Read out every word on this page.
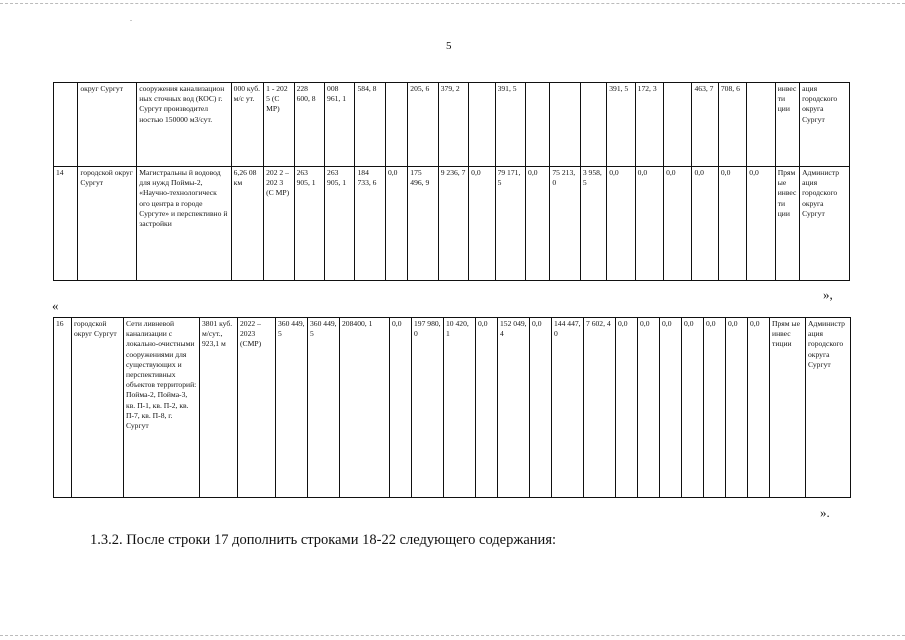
.
5
	округ Сургут	сооружения канализацион ных сточных вод (КОС) г. Сургут производител ностью 150000 м3/сут.	000 куб. м/с ут.	1 - 202 5 (С МР)	228 600, 8	008 961, 1	584, 8		205, 6	379, 2		391, 5				391, 5	172, 3		463, 7	708, 6		инвести ции	ация городского округа Сургут
14	городской округ Сургут	Магистральны й водовод для нужд Поймы-2, «Научно-технологическ ого центра в городе Сургуте» и перспективно й застройки	6,26 08 км	202 2 – 202 3 (С МР)	263 905, 1	263 905, 1	184 733, 6	0,0	175 496, 9	9 236, 7	0,0	79 171, 5	0,0	75 213, 0	3 958, 5	0,0	0,0	0,0	0,0	0,0	0,0	Прямые инвести ции	Администр ация городского округа Сургут
»,
«
16	городской округ Сургут	Сети ливневой канализации с локально-очистными сооружениями для существующих и перспективных объектов территорий: Пойма-2, Пойма-3, кв. П-1, кв. П-2, кв. П-7, кв. П-8, г. Сургут	3801 куб. м/сут., 923,1 м	2022 – 2023 (СМР)	360 449, 5	360 449, 5	208400, 1	0,0	197 980, 0	10 420, 1	0,0	152 049, 4	0,0	144 447, 0	7 602, 4	0,0	0,0	0,0	0,0	0,0	0,0	0,0	Прям ые инвес тиции	Администр ация городского округа Сургут
».
1.3.2. После строки 17 дополнить строками 18-22 следующего содержания:
